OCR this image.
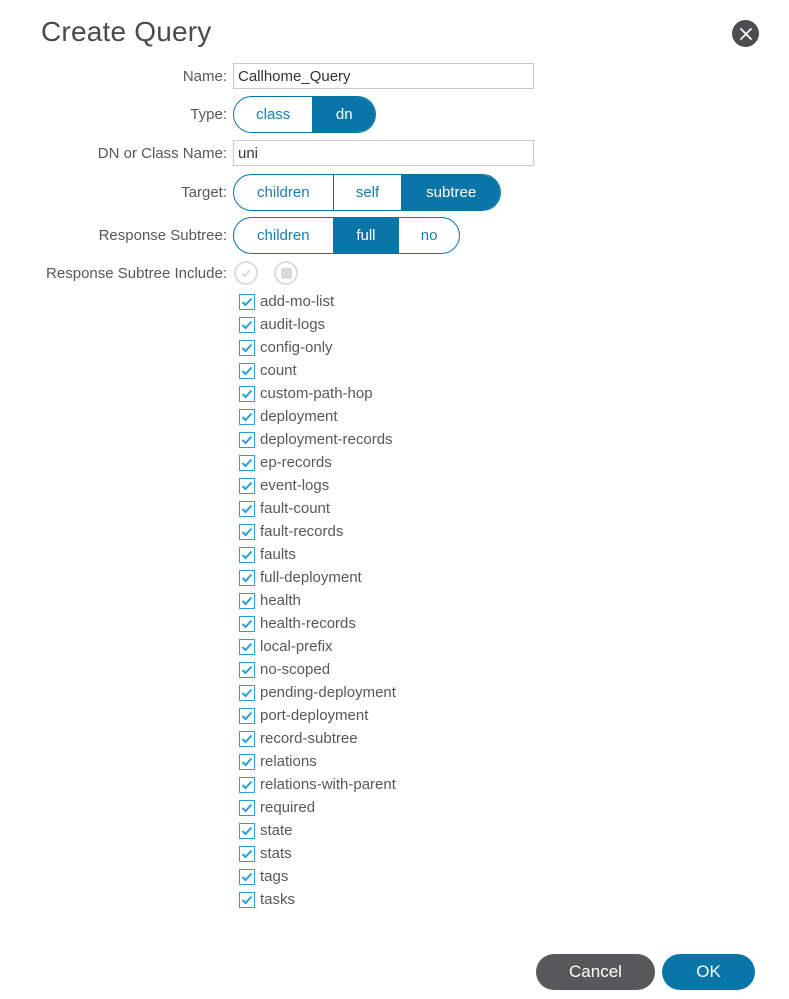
Create Query
Name:
Callhome_Query
Type:	class	dn
DN or Class Name:
uni
Target:	children	self	subtree
Response Subtree:	children	full	no
Response Subtree Include:
add-mo-list
audit-logs
config-only
count
custom-path-hop
deployment
deployment-records
ep-records
event-logs
fault-count
fault-records
faults
full-deployment
health
health-records
local-prefix
no-scoped
pending-deployment
port-deployment
record-subtree
relations
relations-with-parent
required
state
stats
tags
tasks
Cancel	OK
